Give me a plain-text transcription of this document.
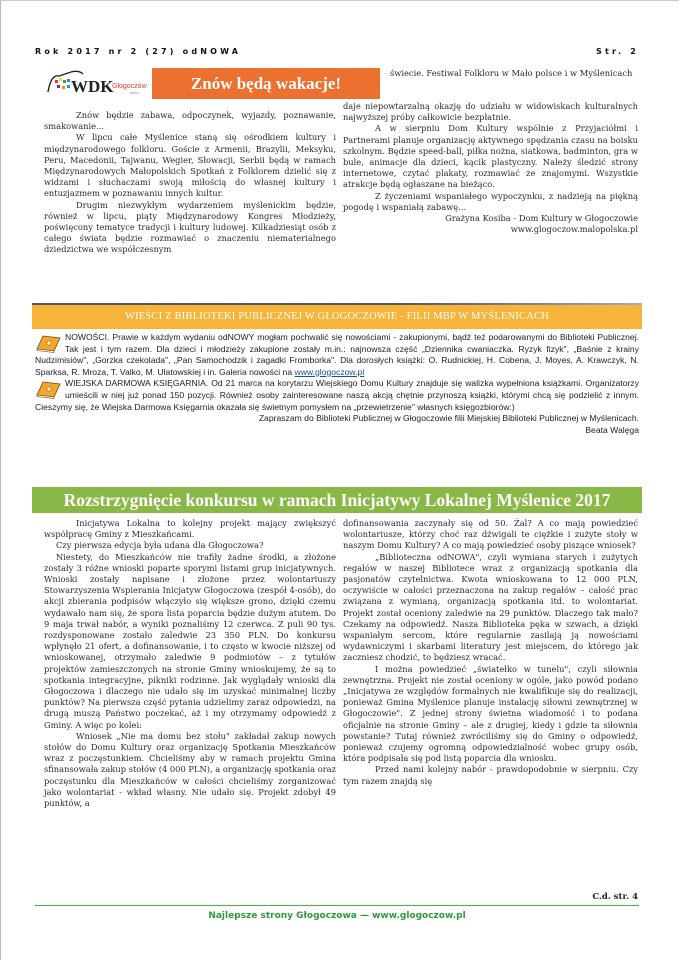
Rok 2017 nr 2 (27) odNOWA	Str. 2
WDK
Głogoczów
MCKS	Znów będą wakacje!
świecie. Festiwal Folkloru w Mało polsce i w Myślenicach

Znów będzie zabawa, odpoczynek, wyjazdy, poznawanie, smakowanie...

W lipcu całe Myślenice staną się ośrodkiem kultury i międzynarodowego folkloru. Goście z Armenii, Brazylii, Meksyku, Peru, Macedonii, Tajwanu, Wegier, Słowacji, Serbii będą w ramach Międzynarodowych Małopolskich Spotkań z Folklorem dzielić się z widzami i słuchaczami swoją miłością do własnej kultury i entuzjazmem w poznawaniu innych kultur.

Drugim niezwykłym wydarzeniem myślenickim będzie, również w lipcu, piąty Międzynarodowy Kongres Młodzieży, poświęcony tematyce tradycji i kultury ludowej. Kilkadziesiąt osób z całego świata będzie rozmawiać o znaczeniu niematerialnego dziedzictwa we współczesnym

daje niepowtarzalną okazję do udziału w widowiskach kulturalnych najwyższej próby całkowicie bezpłatnie.

A w sierpniu Dom Kultury wspólnie z Przyjaciółmi i Partnerami planuje organizację aktywnego spędzania czasu na boisku szkolnym. Będzie speed-ball, piłka nożna, siatkowa, badminton, gra w bule, animacje dla dzieci, kącik plastyczny. Należy śledzić strony internetowe, czytać plakaty, rozmawiać ze znajomymi. Wszystkie atrakcje będą ogłaszane na bieżąco.

Z życzeniami wspaniałego wypoczynku, z nadzieją na piękną pogodę i wspaniałą zabawę...

Grażyna Kosiba - Dom Kultury w Głogoczowie

www.glogoczow.malopolska.pl

WIEŚCI Z BIBLIOTEKI PUBLICZNEJ W GŁOGOCZOWIE - FILII MBP W MYŚLENICACH

NOWOŚCI. Prawie w każdym wydaniu odNOWY mogłam pochwalić się nowościami - zakupionymi, bądź też podarowanymi do Biblioteki Publicznej. Tak jest i tym razem. Dla dzieci i młodzieży zakupione zostały m.in.: najnowsza część „Dziennika cwaniaczka. Ryzyk fizyk", „Baśnie z krainy Nudzimisiów", „Gorzka czekolada", „Pan Samochodzik i zagadki Fromborka". Dla dorosłych książki: O. Rudnickiej, H. Cobena, J. Moyes, A. Krawczyk, N. Sparksa, R. Mroza, T. Valko, M. Ulatowskiej i in. Galeria nowości na www.glogoczow.pl

WIEJSKA DARMOWA KSIĘGARNIA. Od 21 marca na korytarzu Wiejskiego Domu Kultury znajduje się walizka wypełniona książkami. Organizatorzy umieścili w niej już ponad 150 pozycji. Również osoby zainteresowane naszą akcją chętnie przynoszą książki, którymi chcą się podzielić z innym. Cieszymy się, że Wiejska Darmowa Księgarnia okazała się świetnym pomysłem na „przewietrzenie" własnych księgozbiorów:)

Zapraszam do Biblioteki Publicznej w Głogoczowie filii Miejskiej Biblioteki Publicznej w Myślenicach.

Beata Walęga

Rozstrzygnięcie konkursu w ramach Inicjatywy Lokalnej Myślenice 2017

Inicjatywa Lokalna to kolejny projekt mający zwiększyć współpracę Gminy z Mieszkańcami.

Czy pierwsza edycja była udana dla Głogoczowa?

Niestety, do Mieszkańców nie trafiły żadne środki, a złożone zostały 3 różne wnioski poparte sporymi listami grup inicjatywnych. Wnioski zostały napisane i złożone przez wolontariuszy Stowarzyszenia Wspierania Inicjatyw Głogoczowa (zespół 4-osób), do akcji zbierania podpisów włączyło się większe grono, dzięki czemu wydawało nam się, że spora lista poparcia będzie dużym atutem. Do 9 maja trwał nabór, a wyniki poznaliśmy 12 czerwca. Z puli 90 tys. rozdysponowane zostało zaledwie 23 350 PLN. Do konkursu wpłynęło 21 ofert, a dofinansowanie, i to często w kwocie niższej od wnioskowanej, otrzymało zaledwie 9 podmiotów – z tytułów projektów zamieszczonych na stronie Gminy wnioskujemy, że są to spotkania integracyjne, pikniki rodzinne. Jak wyglądały wnioski dla Głogoczowa i dlaczego nie udało się im uzyskać minimalnej liczby punktów? Na pierwsza część pytania udzielimy zaraz odpowiedzi, na drugą muszą Państwo poczekać, aż i my otrzymamy odpowiedź z Gminy. A więc po kolei:

Wniosek „Nie ma domu bez stołu" zakładał zakup nowych stołów do Domu Kultury oraz organizację Spotkania Mieszkańców wraz z poczęstunkiem. Chcieliśmy aby w ramach projektu Gmina sfinansowała zakup stołów (4 000 PLN), a organizację spotkania oraz poczęstunku dla Mieszkańców w całości chcieliśmy zorganizować jako wolontariat - wkład własny. Nie udało się. Projekt zdobył 49 punktów, a

dofinansowania zaczynały się od 50. Żal? A co mają powiedzieć wolontariusze, którzy choć raz dźwigali te ciężkie i zużyte stoły w naszym Domu Kultury? A co mają powiedzieć osoby piszące wniosek?

„Biblioteczna odNOWA", czyli wymiana starych i zużytych regałów w naszej Bibliotece wraz z organizacją spotkania dla pasjonatów czytelnictwa. Kwota wnioskowana to 12 000 PLN, oczywiście w całości przeznaczona na zakup regałów – całość prac związana z wymianą, organizacją spotkania itd. to wolontariat. Projekt został oceniony zaledwie na 29 punktów. Dlaczego tak mało? Czekamy na odpowiedź. Nasza Biblioteka pęka w szwach, a dzięki wspaniałym sercom, które regularnie zasilają ją nowościami wydawniczymi i skarbami literatury jest miejscem, do którego jak zaczniesz chodzić, to będziesz wracać.

I można powiedzieć „światełko w tunelu", czyli siłownia zewnętrzna. Projekt nie został oceniony w ogóle, jako powód podano „Inicjatywa ze względów formalnych nie kwalifikuje się do realizacji, ponieważ Gmina Myślenice planuje instalację siłowni zewnętrznej w Głogoczowie". Z jednej strony świetna wiadomość i to podana oficjalnie na stronie Gminy – ale z drugiej, kiedy i gdzie ta siłownia powstanie? Tutaj również zwróciliśmy się do Gminy o odpowiedź, ponieważ czujemy ogromną odpowiedzialność wobec grupy osób, która podpisała się pod listą poparcia dla wniosku.

Przed nami kolejny nabór - prawdopodobnie w sierpniu. Czy tym razem znajdą się

C.d. str. 4
Najlepsze strony Głogoczowa — www.glogoczow.pl
